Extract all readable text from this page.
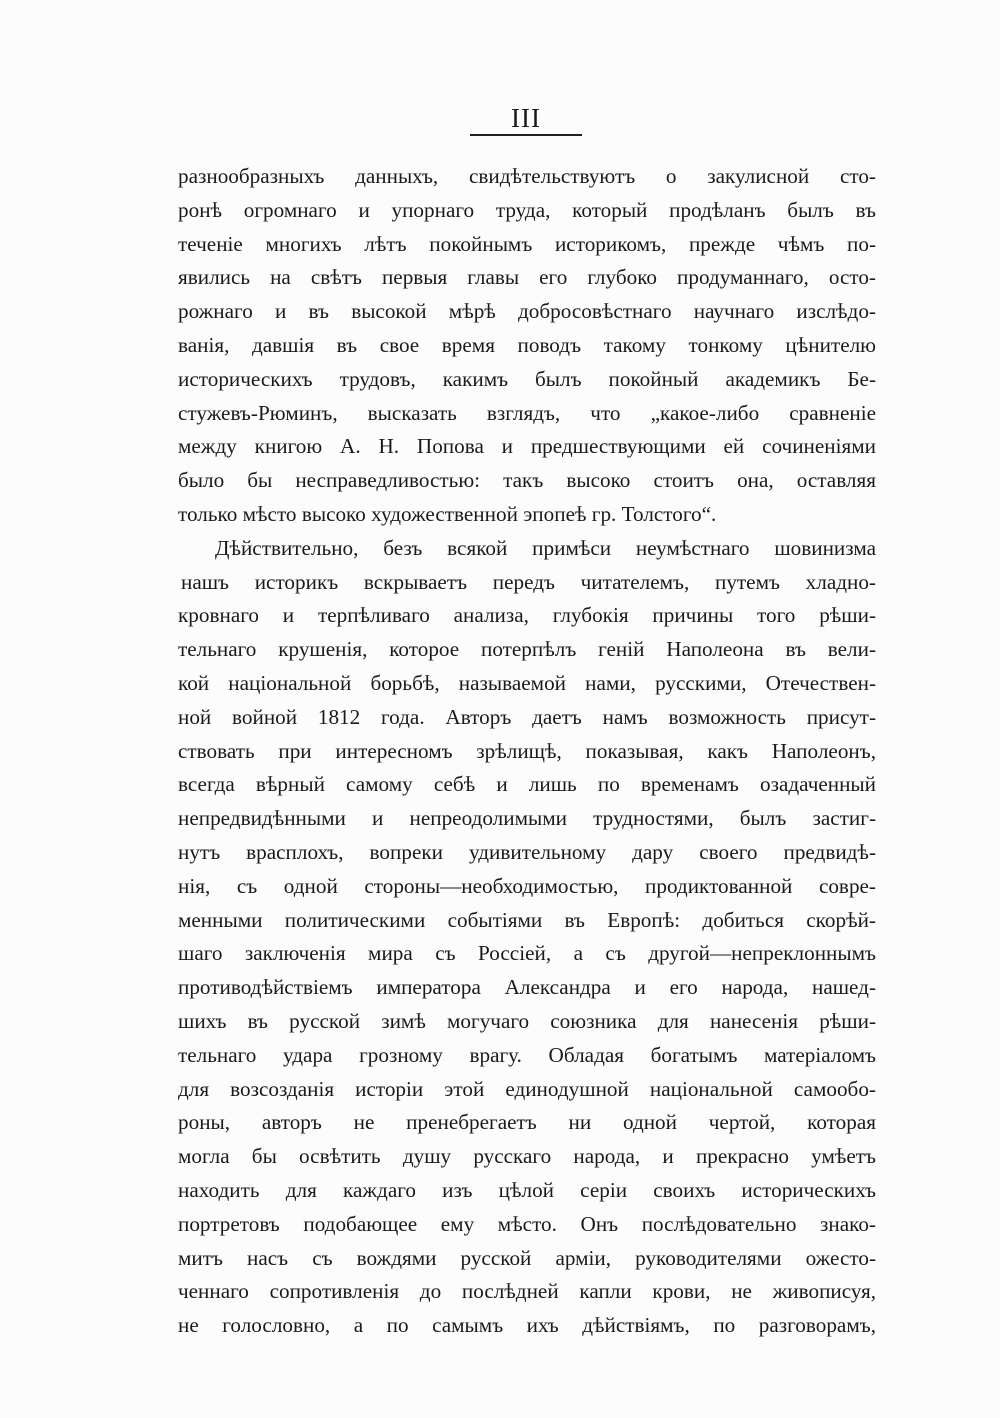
III
разнообразныхъ данныхъ, свидѣтельствуютъ о закулисной сто-
ронѣ огромнаго и упорнаго труда, который продѣланъ былъ въ
теченіе многихъ лѣтъ покойнымъ историкомъ, прежде чѣмъ по-
явились на свѣтъ первыя главы его глубоко продуманнаго, осто-
рожнаго и въ высокой мѣрѣ добросовѣстнаго научнаго изслѣдо-
ванія, давшія въ свое время поводъ такому тонкому цѣнителю
историческихъ трудовъ, какимъ былъ покойный академикъ Бе-
стужевъ-Рюминъ, высказать взглядъ, что „какое-либо сравненіе
между книгою А. Н. Попова и предшествующими ей сочиненіями
было бы несправедливостью: такъ высоко стоитъ она, оставляя
только мѣсто высоко художественной эпопеѣ гр. Толстого“.
Дѣйствительно, безъ всякой примѣси неумѣстнаго шовинизма
нашъ историкъ вскрываетъ передъ читателемъ, путемъ хладно-
кровнаго и терпѣливаго анализа, глубокія причины того рѣши-
тельнаго крушенія, которое потерпѣлъ геній Наполеона въ вели-
кой національной борьбѣ, называемой нами, русскими, Отечествен-
ной войной 1812 года. Авторъ даетъ намъ возможность присут-
ствовать при интересномъ зрѣлищѣ, показывая, какъ Наполеонъ,
всегда вѣрный самому себѣ и лишь по временамъ озадаченный
непредвидѣнными и непреодолимыми трудностями, былъ застиг-
нутъ врасплохъ, вопреки удивительному дару своего предвидѣ-
нія, съ одной стороны—необходимостью, продиктованной совре-
менными политическими событіями въ Европѣ: добиться скорѣй-
шаго заключенія мира съ Россіей, а съ другой—непреклоннымъ
противодѣйствіемъ императора Александра и его народа, нашед-
шихъ въ русской зимѣ могучаго союзника для нанесенія рѣши-
тельнаго удара грозному врагу. Обладая богатымъ матеріаломъ
для возсозданія исторіи этой единодушной національной самообо-
роны, авторъ не пренебрегаетъ ни одной чертой, которая
могла бы освѣтить душу русскаго народа, и прекрасно умѣетъ
находить для каждаго изъ цѣлой серіи своихъ историческихъ
портретовъ подобающее ему мѣсто. Онъ послѣдовательно знако-
митъ насъ съ вождями русской арміи, руководителями ожесто-
ченнаго сопротивленія до послѣдней капли крови, не живописуя,
не голословно, а по самымъ ихъ дѣйствіямъ, по разговорамъ,
